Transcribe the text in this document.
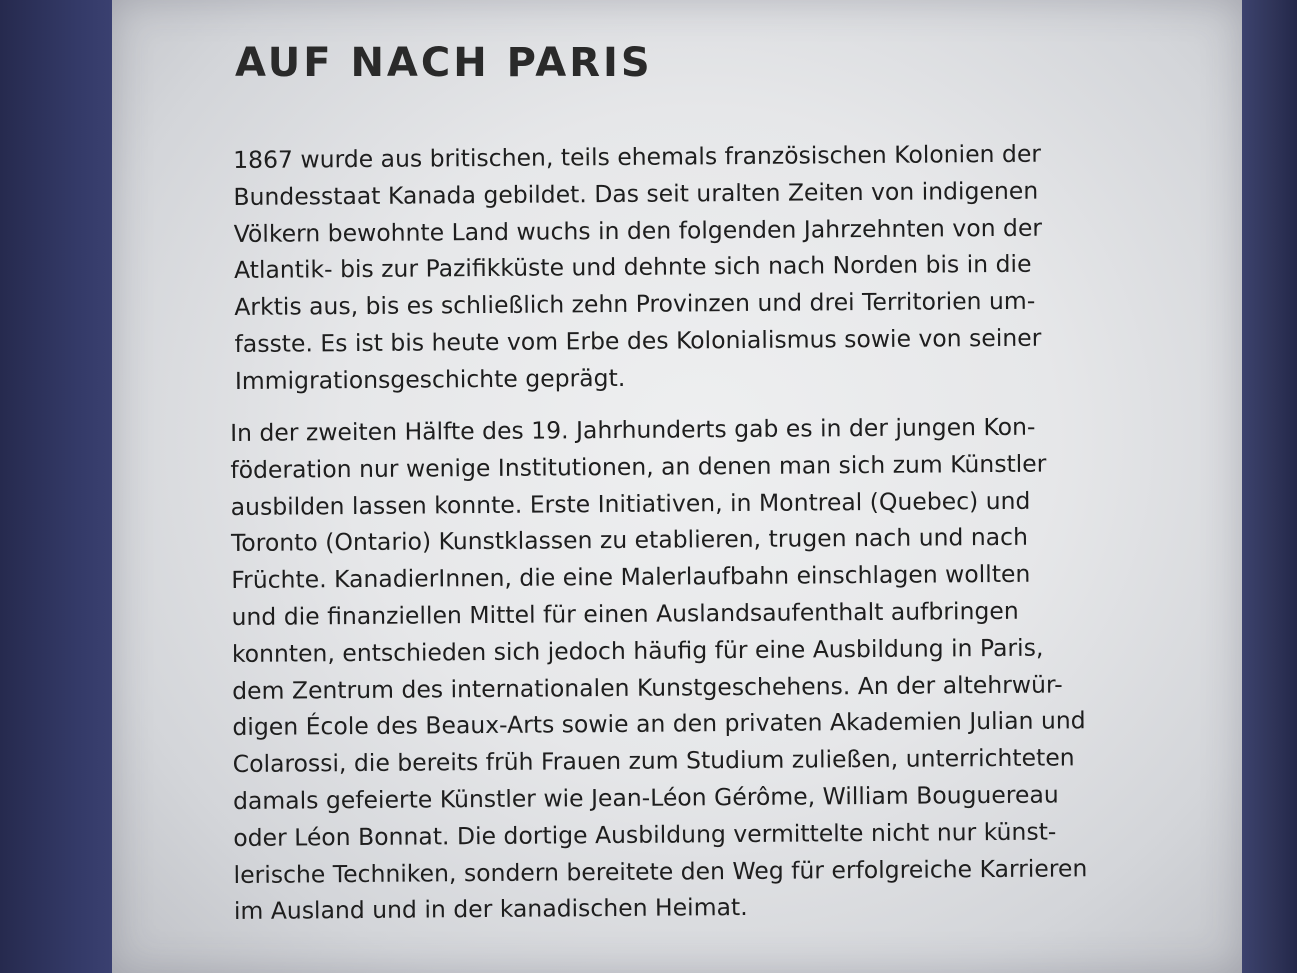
AUF NACH PARIS

1867 wurde aus britischen, teils ehemals französischen Kolonien der
Bundesstaat Kanada gebildet. Das seit uralten Zeiten von indigenen
Völkern bewohnte Land wuchs in den folgenden Jahrzehnten von der
Atlantik- bis zur Pazifikküste und dehnte sich nach Norden bis in die
Arktis aus, bis es schließlich zehn Provinzen und drei Territorien um-
fasste. Es ist bis heute vom Erbe des Kolonialismus sowie von seiner
Immigrationsgeschichte geprägt.

In der zweiten Hälfte des 19. Jahrhunderts gab es in der jungen Kon-
föderation nur wenige Institutionen, an denen man sich zum Künstler
ausbilden lassen konnte. Erste Initiativen, in Montreal (Quebec) und
Toronto (Ontario) Kunstklassen zu etablieren, trugen nach und nach
Früchte. KanadierInnen, die eine Malerlaufbahn einschlagen wollten
und die finanziellen Mittel für einen Auslandsaufenthalt aufbringen
konnten, entschieden sich jedoch häufig für eine Ausbildung in Paris,
dem Zentrum des internationalen Kunstgeschehens. An der altehrwür-
digen École des Beaux-Arts sowie an den privaten Akademien Julian und
Colarossi, die bereits früh Frauen zum Studium zuließen, unterrichteten
damals gefeierte Künstler wie Jean-Léon Gérôme, William Bouguereau
oder Léon Bonnat. Die dortige Ausbildung vermittelte nicht nur künst-
lerische Techniken, sondern bereitete den Weg für erfolgreiche Karrieren
im Ausland und in der kanadischen Heimat.
